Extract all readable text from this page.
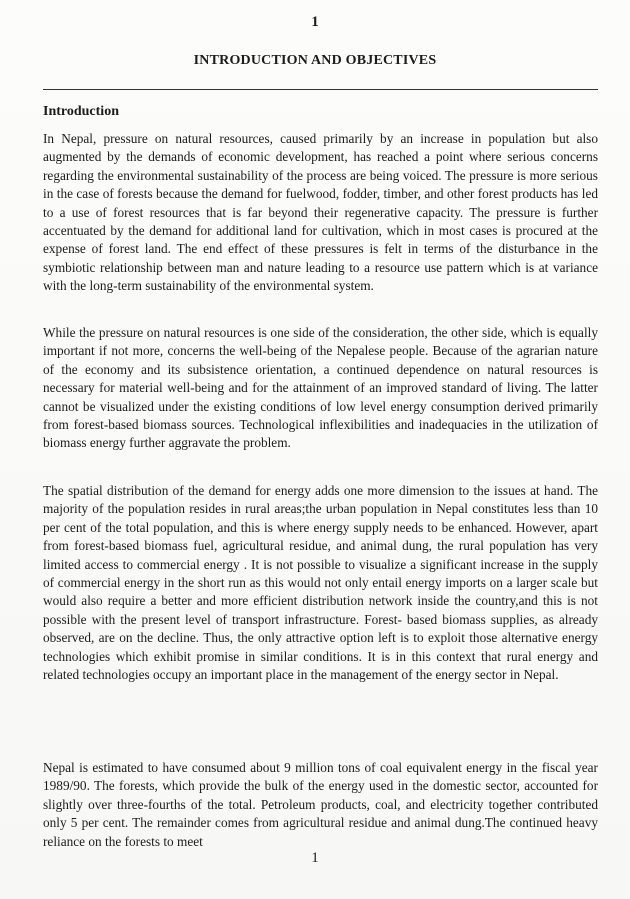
1
INTRODUCTION AND OBJECTIVES
Introduction

In Nepal, pressure on natural resources, caused primarily by an increase in population but also augmented by the demands of economic development, has reached a point where serious concerns regarding the environmental sustainability of the process are being voiced. The pressure is more serious in the case of forests because the demand for fuelwood, fodder, timber, and other forest products has led to a use of forest resources that is far beyond their regenerative capacity. The pressure is further accentuated by the demand for additional land for cultivation, which in most cases is procured at the expense of forest land. The end effect of these pressures is felt in terms of the disturbance in the symbiotic relationship between man and nature leading to a resource use pattern which is at variance with the long-term sustainability of the environmental system.

While the pressure on natural resources is one side of the consideration, the other side, which is equally important if not more, concerns the well-being of the Nepalese people. Because of the agrarian nature of the economy and its subsistence orientation, a continued dependence on natural resources is necessary for material well-being and for the attainment of an improved standard of living. The latter cannot be visualized under the existing conditions of low level energy consumption derived primarily from forest-based biomass sources. Technological inflexibilities and inadequacies in the utilization of biomass energy further aggravate the problem.

The spatial distribution of the demand for energy adds one more dimension to the issues at hand. The majority of the population resides in rural areas;the urban population in Nepal constitutes less than 10 per cent of the total population, and this is where energy supply needs to be enhanced. However, apart from forest-based biomass fuel, agricultural residue, and animal dung, the rural population has very limited access to commercial energy . It is not possible to visualize a significant increase in the supply of commercial energy in the short run as this would not only entail energy imports on a larger scale but would also require a better and more efficient distribution network inside the country,and this is not possible with the present level of transport infrastructure. Forest- based biomass supplies, as already observed, are on the decline. Thus, the only attractive option left is to exploit those alternative energy technologies which exhibit promise in similar conditions. It is in this context that rural energy and related technologies occupy an important place in the management of the energy sector in Nepal.

Nepal is estimated to have consumed about 9 million tons of coal equivalent energy in the fiscal year 1989/90. The forests, which provide the bulk of the energy used in the domestic sector, accounted for slightly over three-fourths of the total. Petroleum products, coal, and electricity together contributed only 5 per cent. The remainder comes from agricultural residue and animal dung.The continued heavy reliance on the forests to meet

1
